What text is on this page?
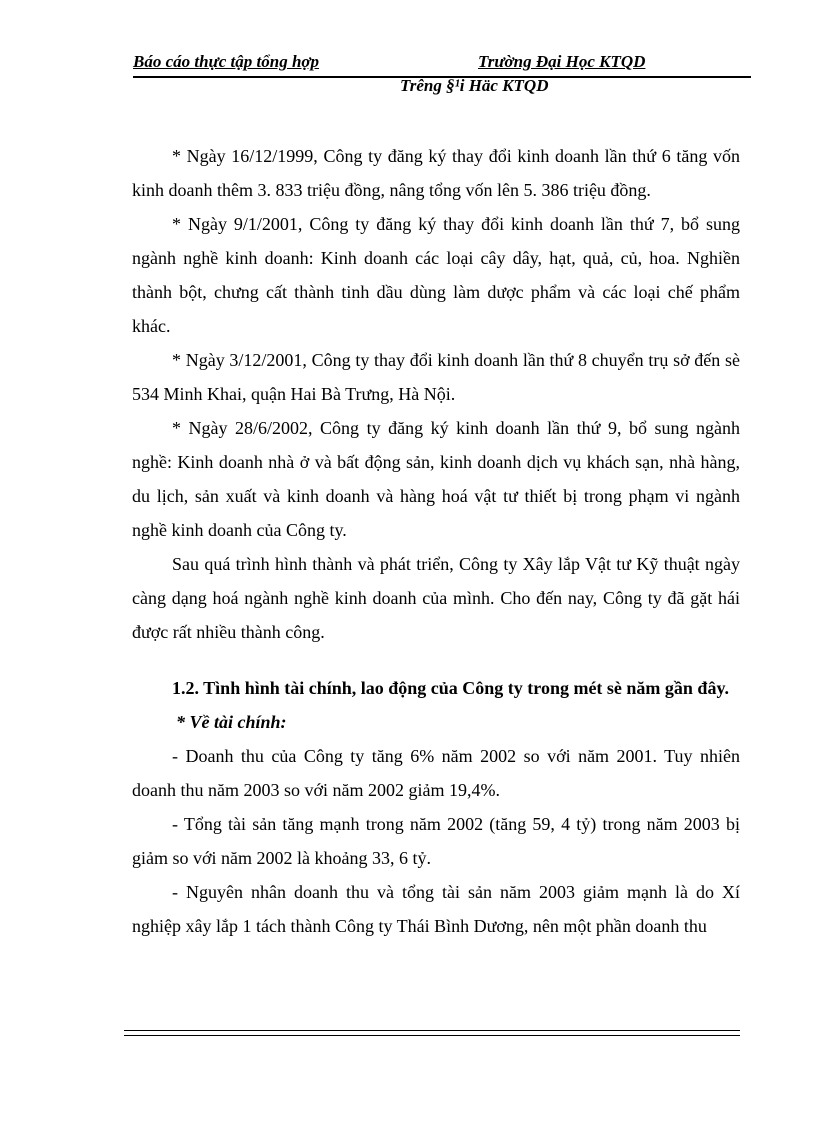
Báo cáo thực tập tổng hợp	Trường Đại Học KTQD
Trêng §¹i Häc KTQD

* Ngày 16/12/1999, Công ty đăng ký thay đổi kinh doanh lần thứ 6 tăng vốn kinh doanh thêm 3. 833 triệu đồng, nâng tổng vốn lên 5. 386 triệu đồng.

* Ngày 9/1/2001, Công ty đăng ký thay đổi kinh doanh lần thứ 7, bổ sung ngành nghề kinh doanh: Kinh doanh các loại cây dây, hạt, quả, củ, hoa. Nghiền thành bột, chưng cất thành tinh dầu dùng làm dược phẩm và các loại chế phẩm khác.

* Ngày 3/12/2001, Công ty thay đổi kinh doanh lần thứ 8 chuyển trụ sở đến sè 534 Minh Khai, quận Hai Bà Trưng, Hà Nội.

* Ngày 28/6/2002, Công ty đăng ký kinh doanh lần thứ 9, bổ sung ngành nghề: Kinh doanh nhà ở và bất động sản, kinh doanh dịch vụ khách sạn, nhà hàng, du lịch, sản xuất và kinh doanh và hàng hoá vật tư thiết bị trong phạm vi ngành nghề kinh doanh của Công ty.

Sau quá trình hình thành và phát triển, Công ty Xây lắp Vật tư Kỹ thuật ngày càng dạng hoá ngành nghề kinh doanh của mình. Cho đến nay, Công ty đã gặt hái được rất nhiều thành công.

1.2. Tình hình tài chính, lao động của Công ty trong mét sè năm gần đây.

* Về tài chính:

- Doanh thu của Công ty tăng 6% năm 2002 so với năm 2001. Tuy nhiên doanh thu năm 2003 so với năm 2002 giảm 19,4%.

- Tổng tài sản tăng mạnh trong năm 2002 (tăng 59, 4 tỷ) trong năm 2003 bị giảm so với năm 2002 là khoảng 33, 6 tỷ.

- Nguyên nhân doanh thu và tổng tài sản năm 2003 giảm mạnh là do Xí nghiệp xây lắp 1 tách thành Công ty Thái Bình Dương, nên một phần doanh thu
